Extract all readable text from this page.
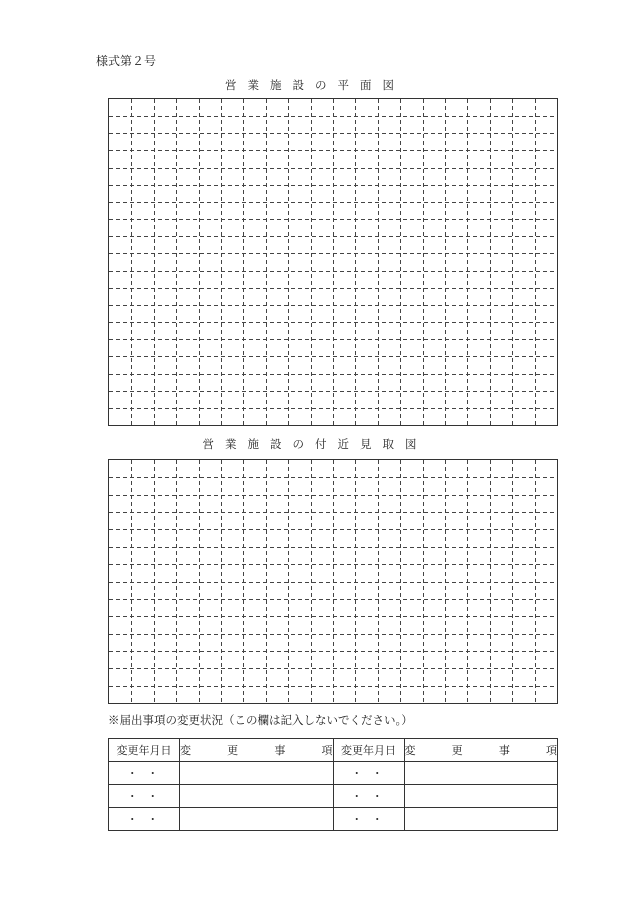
様式第２号
営業施設の平面図
営業施設の付近見取図
※届出事項の変更状況（この欄は記入しないでください。）
変更年月日	変 更 事 項	変更年月日	変 更 事 項

・ ・		・ ・	
・ ・		・ ・	
・ ・		・ ・	
